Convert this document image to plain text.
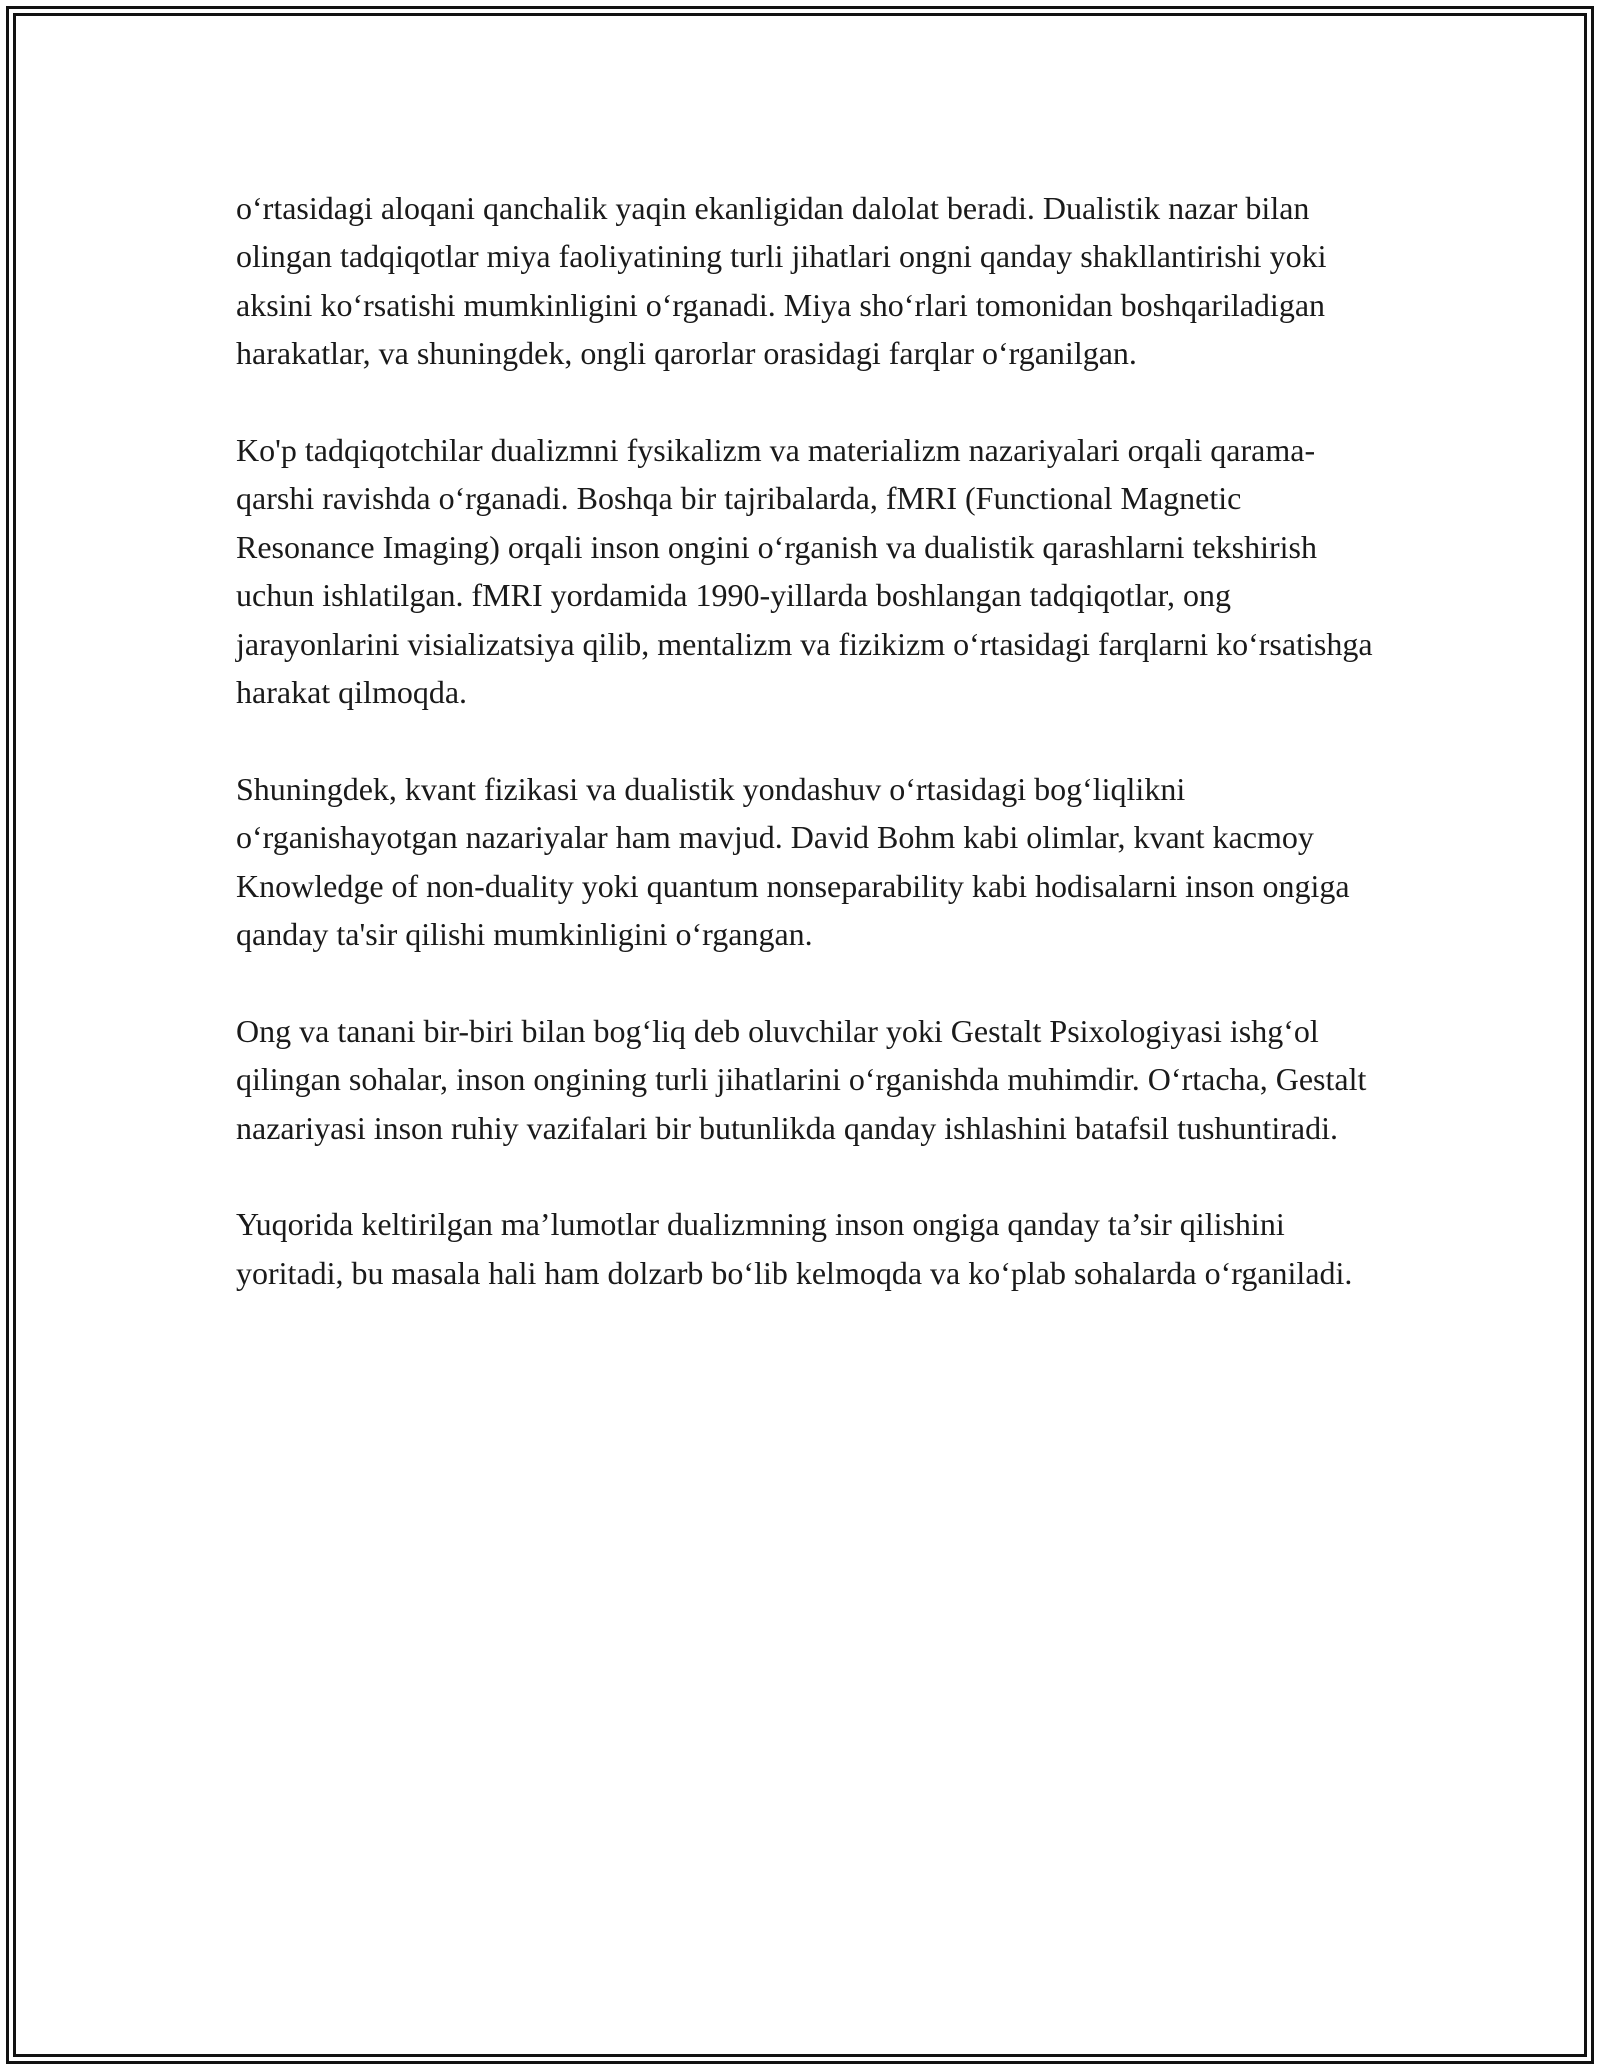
o‘rtasidagi aloqani qanchalik yaqin ekanligidan dalolat beradi. Dualistik nazar bilan olingan tadqiqotlar miya faoliyatining turli jihatlari ongni qanday shakllantirishi yoki aksini ko‘rsatishi mumkinligini o‘rganadi. Miya sho‘rlari tomonidan boshqariladigan harakatlar, va shuningdek, ongli qarorlar orasidagi farqlar o‘rganilgan.

Ko'p tadqiqotchilar dualizmni fysikalizm va materializm nazariyalari orqali qarama-qarshi ravishda o‘rganadi. Boshqa bir tajribalarda, fMRI (Functional Magnetic Resonance Imaging) orqali inson ongini o‘rganish va dualistik qarashlarni tekshirish uchun ishlatilgan. fMRI yordamida 1990-yillarda boshlangan tadqiqotlar, ong jarayonlarini visializatsiya qilib, mentalizm va fizikizm o‘rtasidagi farqlarni ko‘rsatishga harakat qilmoqda.

Shuningdek, kvant fizikasi va dualistik yondashuv o‘rtasidagi bog‘liqlikni o‘rganishayotgan nazariyalar ham mavjud. David Bohm kabi olimlar, kvant kacmoy Knowledge of non-duality yoki quantum nonseparability kabi hodisalarni inson ongiga qanday ta'sir qilishi mumkinligini o‘rgangan.

Ong va tanani bir-biri bilan bog‘liq deb oluvchilar yoki Gestalt Psixologiyasi ishg‘ol qilingan sohalar, inson ongining turli jihatlarini o‘rganishda muhimdir. O‘rtacha, Gestalt nazariyasi inson ruhiy vazifalari bir butunlikda qanday ishlashini batafsil tushuntiradi.

Yuqorida keltirilgan ma’lumotlar dualizmning inson ongiga qanday ta’sir qilishini yoritadi, bu masala hali ham dolzarb bo‘lib kelmoqda va ko‘plab sohalarda o‘rganiladi.
